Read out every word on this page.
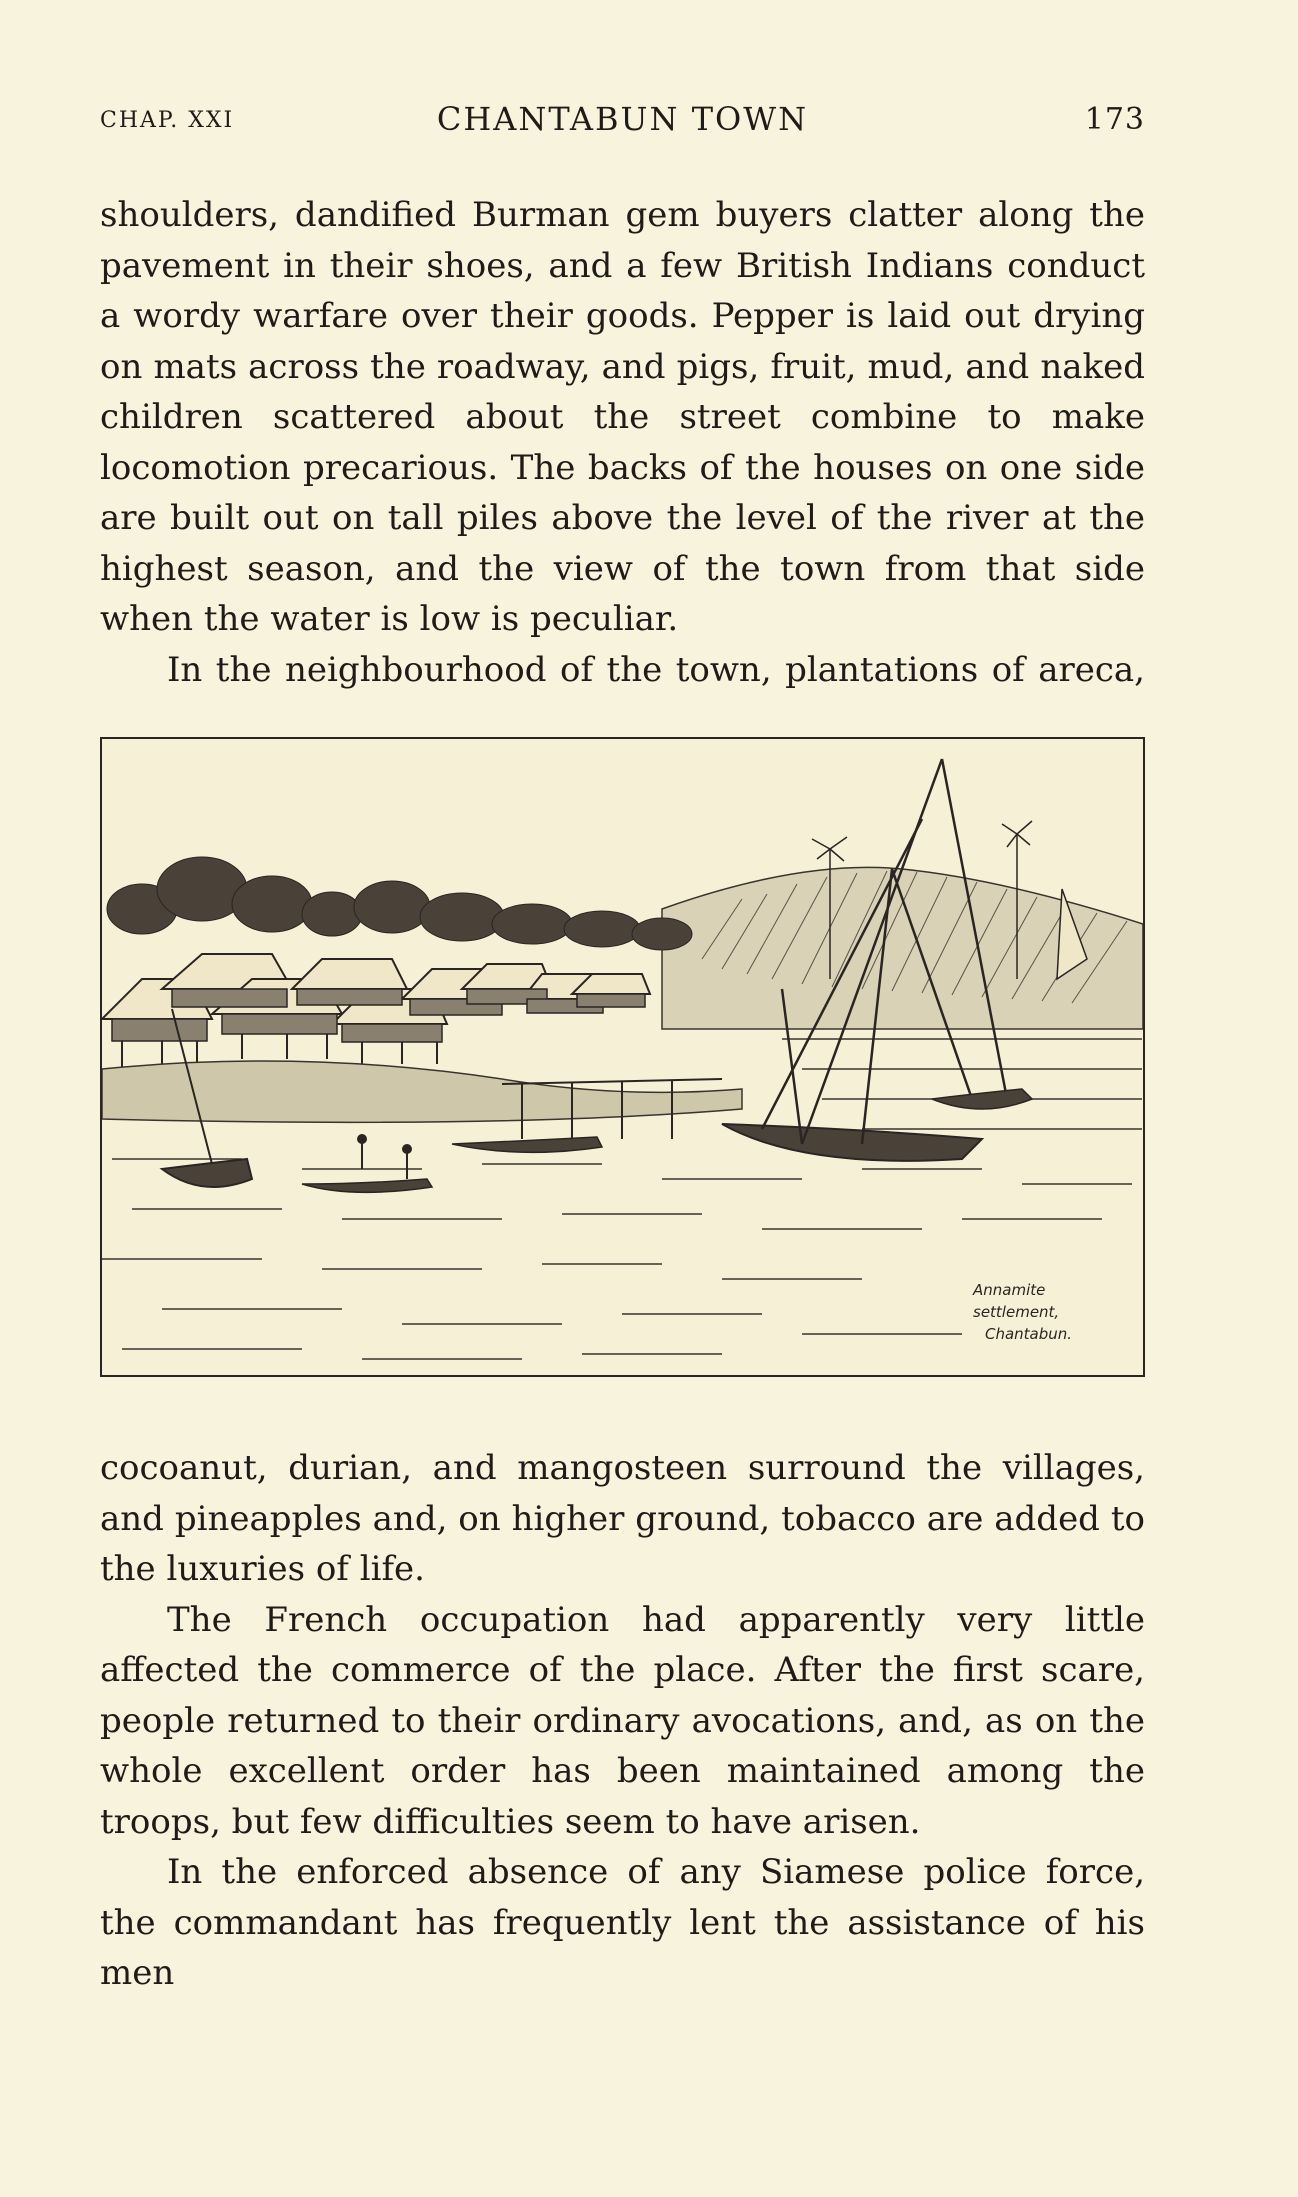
CHAP. XXI	CHANTABUN TOWN	173

shoulders, dandified Burman gem buyers clatter along the pavement in their shoes, and a few British Indians conduct a wordy warfare over their goods. Pepper is laid out drying on mats across the roadway, and pigs, fruit, mud, and naked children scattered about the street combine to make locomotion precarious. The backs of the houses on one side are built out on tall piles above the level of the river at the highest season, and the view of the town from that side when the water is low is peculiar.

In the neighbourhood of the town, plantations of areca,

Annamite settlement,
Chantabun.

cocoanut, durian, and mangosteen surround the villages, and pineapples and, on higher ground, tobacco are added to the luxuries of life.

The French occupation had apparently very little affected the commerce of the place. After the first scare, people returned to their ordinary avocations, and, as on the whole excellent order has been maintained among the troops, but few difficulties seem to have arisen.

In the enforced absence of any Siamese police force, the commandant has frequently lent the assistance of his men
